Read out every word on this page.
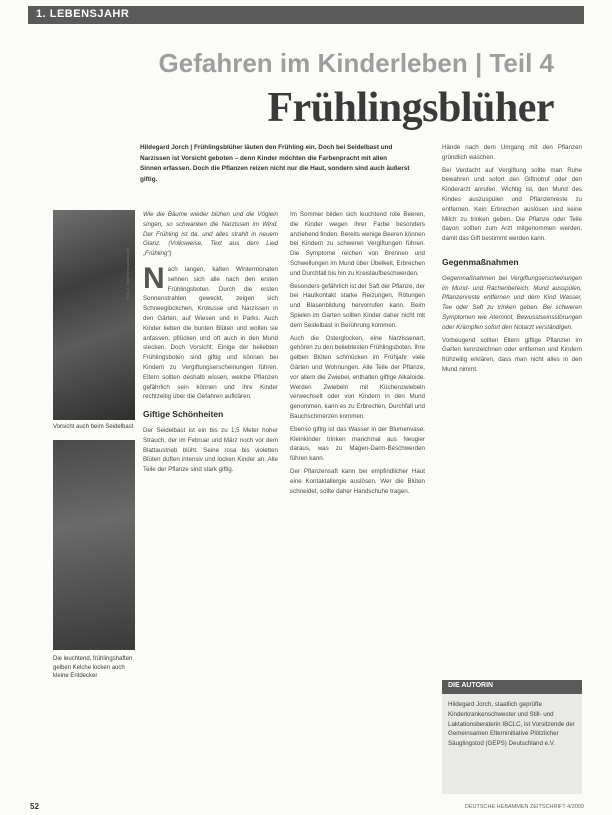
1. LEBENSJAHR
Gefahren im Kinderleben | Teil 4
Frühlingsblüher
Hildegard Jorch | Frühlingsblüher läuten den Frühling ein. Doch bei Seidelbast und Narzissen ist Vorsicht geboten – denn Kinder möchten die Farbenpracht mit allen Sinnen erfassen. Doch die Pflanzen reizen nicht nur die Haut, sondern sind auch äußerst giftig.
Foto: J. Jäger/www.pixelio.de
Vorsicht auch beim Seidelbast
Die leuchtend, frühlingshaften gelben Kelche locken auch kleine Entdecker

Wie die Bäume wieder blühen und die Vöglein singen, so schwanken die Narzissen im Wind. Der Frühling ist da, und alles strahlt in neuem Glanz. (Volksweise, Text aus dem Lied „Frühling“)

N ach langen, kalten Wintermonaten sehnen sich alle nach den ersten Frühlingsboten. Durch die ersten Sonnenstrahlen geweckt, zeigen sich Schneeglöckchen, Krokusse und Narzissen in den Gärten, auf Wiesen und in Parks. Auch Kinder lieben die bunten Blüten und wollen sie anfassen, pflücken und oft auch in den Mund stecken. Doch Vorsicht: Einige der beliebten Frühlingsboten sind giftig und können bei Kindern zu Vergiftungserscheinungen führen. Eltern sollten deshalb wissen, welche Pflanzen gefährlich sein können und ihre Kinder rechtzeitig über die Gefahren aufklären.

Giftige Schönheiten

Der Seidelbast ist ein bis zu 1,5 Meter hoher Strauch, der im Februar und März noch vor dem Blattaustrieb blüht. Seine rosa bis violetten Blüten duften intensiv und locken Kinder an. Alle Teile der Pflanze sind stark giftig.

Im Sommer bilden sich leuchtend rote Beeren, die Kinder wegen ihrer Farbe besonders anziehend finden. Bereits wenige Beeren können bei Kindern zu schweren Vergiftungen führen. Die Symptome reichen von Brennen und Schwellungen im Mund über Übelkeit, Erbrechen und Durchfall bis hin zu Kreislaufbeschwerden.

Besonders gefährlich ist der Saft der Pflanze, der bei Hautkontakt starke Reizungen, Rötungen und Blasenbildung hervorrufen kann. Beim Spielen im Garten sollten Kinder daher nicht mit dem Seidelbast in Berührung kommen.

Auch die Osterglocken, eine Narzissenart, gehören zu den beliebtesten Frühlingsboten. Ihre gelben Blüten schmücken im Frühjahr viele Gärten und Wohnungen. Alle Teile der Pflanze, vor allem die Zwiebel, enthalten giftige Alkaloide. Werden Zwiebeln mit Küchenzwiebeln verwechselt oder von Kindern in den Mund genommen, kann es zu Erbrechen, Durchfall und Bauchschmerzen kommen.

Ebenso giftig ist das Wasser in der Blumenvase. Kleinkinder trinken manchmal aus Neugier daraus, was zu Magen-Darm-Beschwerden führen kann.

Der Pflanzensaft kann bei empfindlicher Haut eine Kontaktallergie auslösen. Wer die Blüten schneidet, sollte daher Handschuhe tragen.

Hände nach dem Umgang mit den Pflanzen gründlich waschen.

Bei Verdacht auf Vergiftung sollte man Ruhe bewahren und sofort den Giftnotruf oder den Kinderarzt anrufen. Wichtig ist, den Mund des Kindes auszuspülen und Pflanzenreste zu entfernen. Kein Erbrechen auslösen und keine Milch zu trinken geben. Die Pflanze oder Teile davon sollten zum Arzt mitgenommen werden, damit das Gift bestimmt werden kann.

Gegenmaßnahmen

Gegenmaßnahmen bei Vergiftungserscheinungen im Mund- und Rachenbereich: Mund ausspülen, Pflanzenreste entfernen und dem Kind Wasser, Tee oder Saft zu trinken geben. Bei schweren Symptomen wie Atemnot, Bewusstseinsstörungen oder Krämpfen sofort den Notarzt verständigen.

Vorbeugend sollten Eltern giftige Pflanzen im Garten kennzeichnen oder entfernen und Kindern frühzeitig erklären, dass man nicht alles in den Mund nimmt.

DIE AUTORIN
Hildegard Jorch, staatlich geprüfte Kinderkrankenschwester und Still- und Laktationsberaterin IBCLC, ist Vorsitzende der Gemeinsamen Elterninitiative Plötzlicher Säuglingstod (GEPS) Deutschland e.V.
52	DEUTSCHE HEBAMMEN ZEITSCHRIFT 4/2009
